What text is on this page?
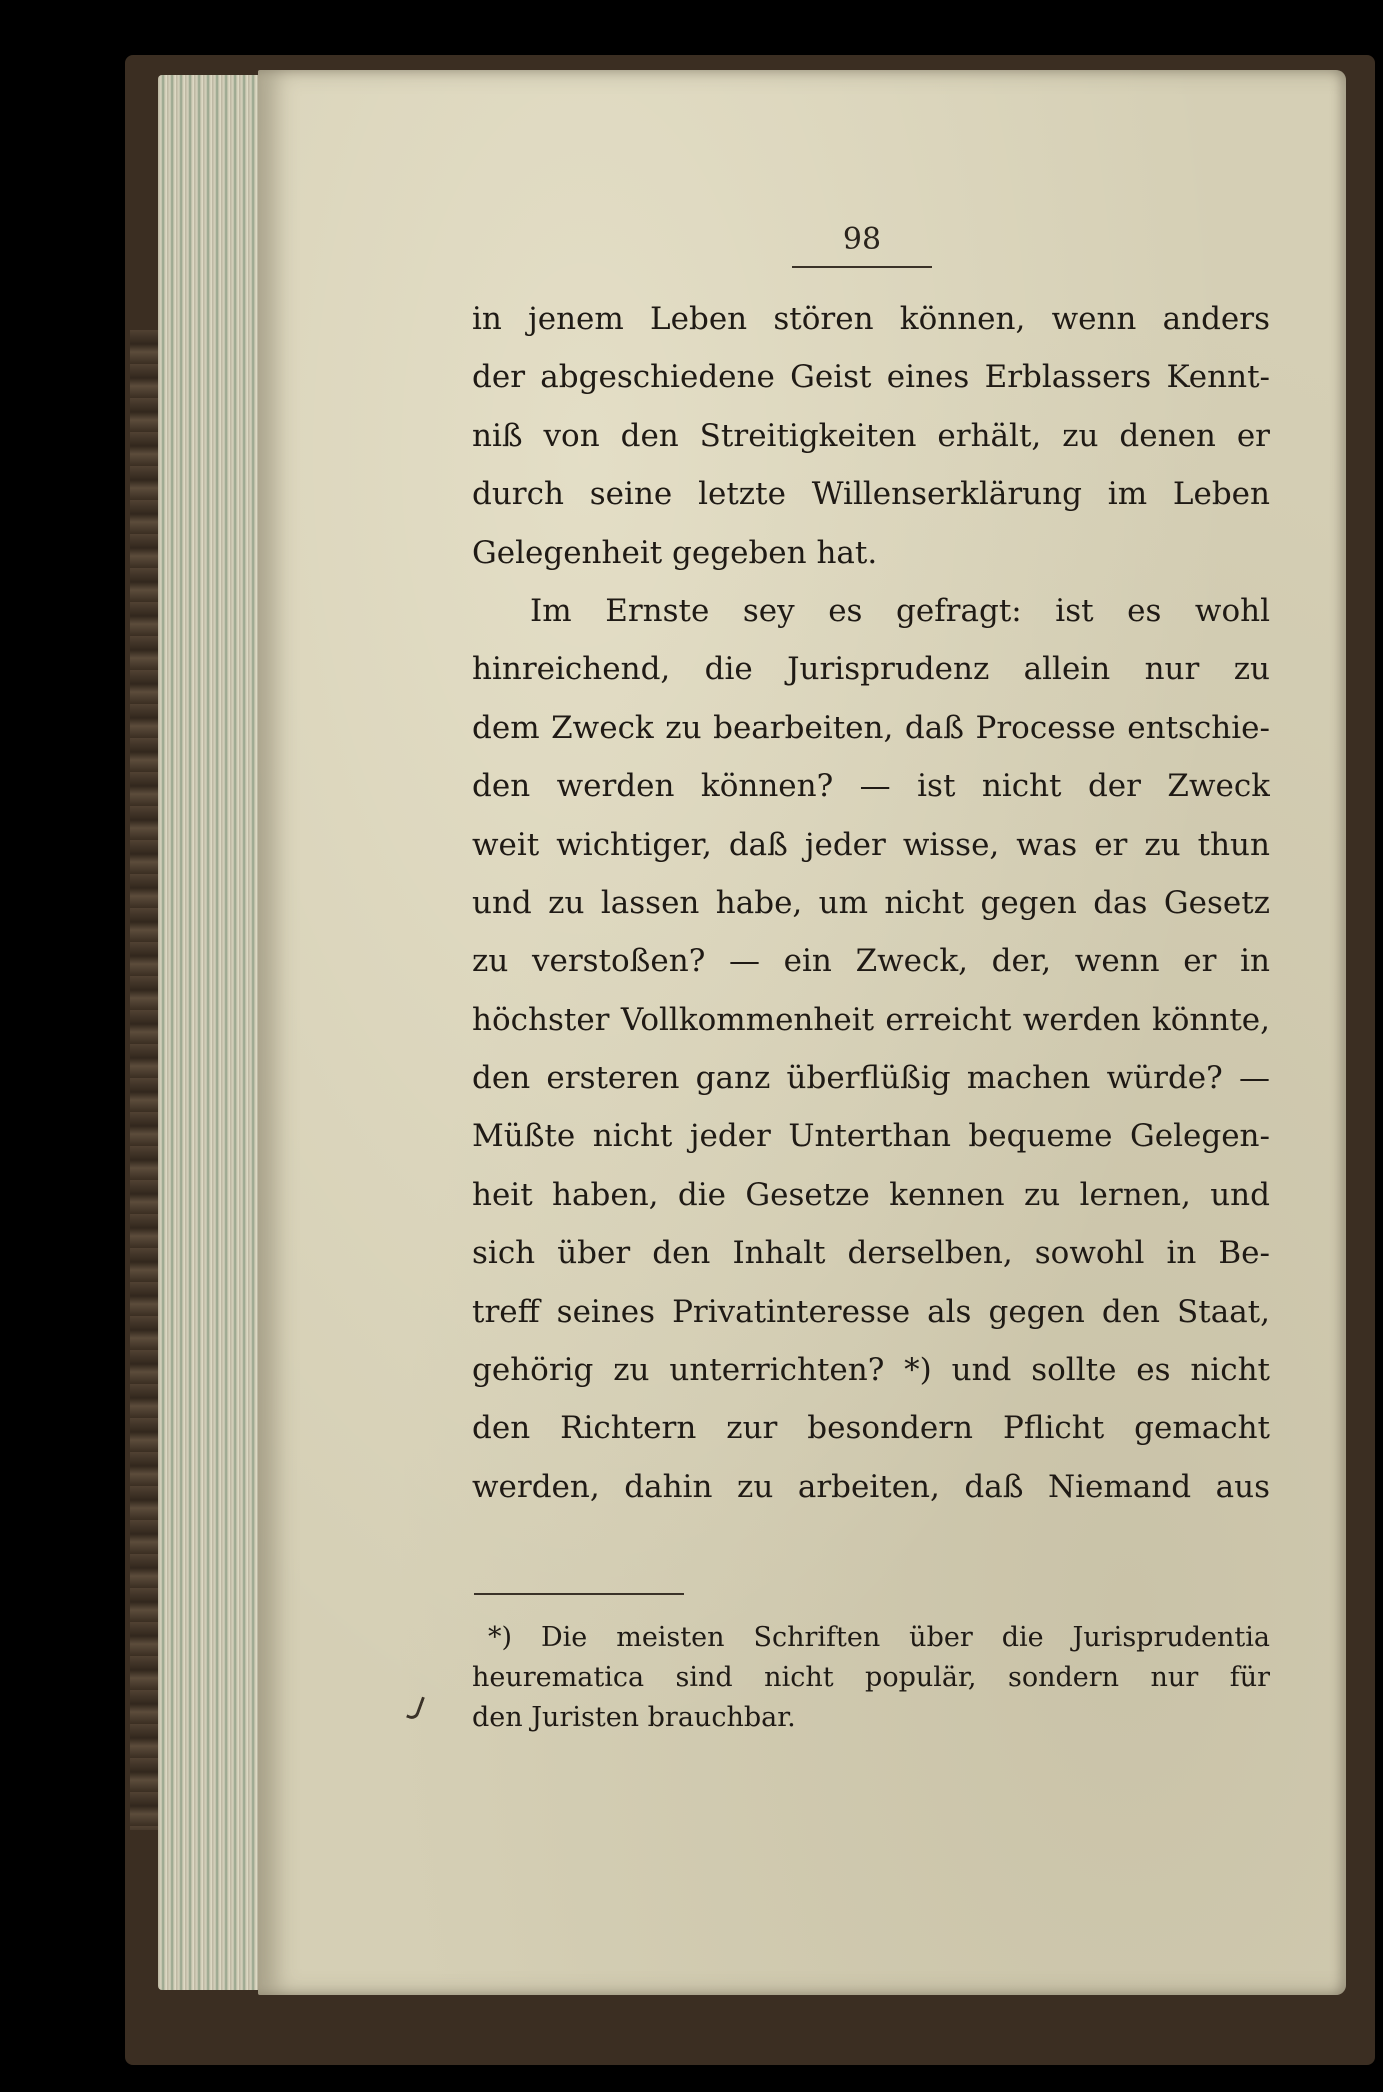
98

in jenem Leben stören können, wenn anders
der abgeschiedene Geist eines Erblassers Kennt-
niß von den Streitigkeiten erhält, zu denen er
durch seine letzte Willenserklärung im Leben
Gelegenheit gegeben hat.
Im Ernste sey es gefragt: ist es wohl
hinreichend, die Jurisprudenz allein nur zu
dem Zweck zu bearbeiten, daß Processe entschie-
den werden können? — ist nicht der Zweck
weit wichtiger, daß jeder wisse, was er zu thun
und zu lassen habe, um nicht gegen das Gesetz
zu verstoßen? — ein Zweck, der, wenn er in
höchster Vollkommenheit erreicht werden könnte,
den ersteren ganz überflüßig machen würde? —
Müßte nicht jeder Unterthan bequeme Gelegen-
heit haben, die Gesetze kennen zu lernen, und
sich über den Inhalt derselben, sowohl in Be-
treff seines Privatinteresse als gegen den Staat,
gehörig zu unterrichten? *) und sollte es nicht
den Richtern zur besondern Pflicht gemacht
werden, dahin zu arbeiten, daß Niemand aus
*) Die meisten Schriften über die Jurisprudentia
heurematica sind nicht populär, sondern nur für
den Juristen brauchbar.
